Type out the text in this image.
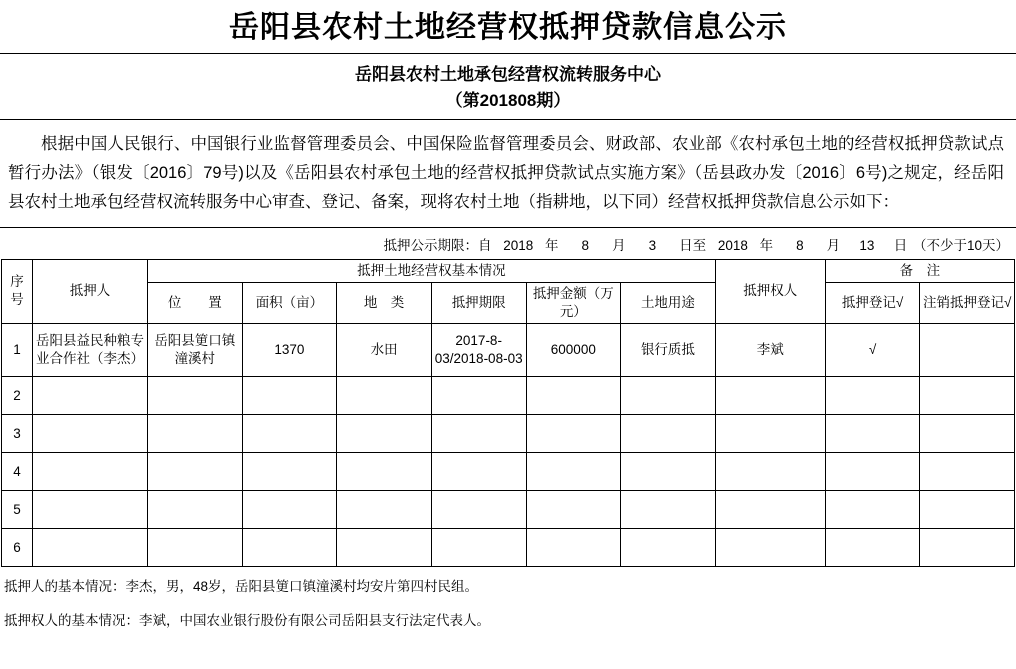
岳阳县农村土地经营权抵押贷款信息公示
岳阳县农村土地承包经营权流转服务中心
（第201808期）

根据中国人民银行、中国银行业监督管理委员会、中国保险监督管理委员会、财政部、农业部《农村承包土地的经营权抵押贷款试点暂行办法》（银发〔2016〕79号)以及《岳阳县农村承包土地的经营权抵押贷款试点实施方案》（岳县政办发〔2016〕6号)之规定，经岳阳县农村土地承包经营权流转服务中心审查、登记、备案，现将农村土地（指耕地，以下同）经营权抵押贷款信息公示如下：

抵押公示期限：自 2018 年 8 月 3 日至 2018 年 8 月 13 日 （不少于10天）
序号	抵押人	抵押土地经营权基本情况						抵押权人	备　注	
		位　　置	面积（亩）	地　类	抵押期限	抵押金额（万元）	土地用途		抵押登记√	注销抵押登记√
1	岳阳县益民种粮专业合作社（李杰）	岳阳县筻口镇潼溪村	1370	水田	2017-8-03/2018-08-03	600000	银行质抵	李斌	√	
2										
3										
4										
5										
6										
抵押人的基本情况：李杰，男，48岁，岳阳县筻口镇潼溪村均安片第四村民组。
抵押权人的基本情况：李斌，中国农业银行股份有限公司岳阳县支行法定代表人。
